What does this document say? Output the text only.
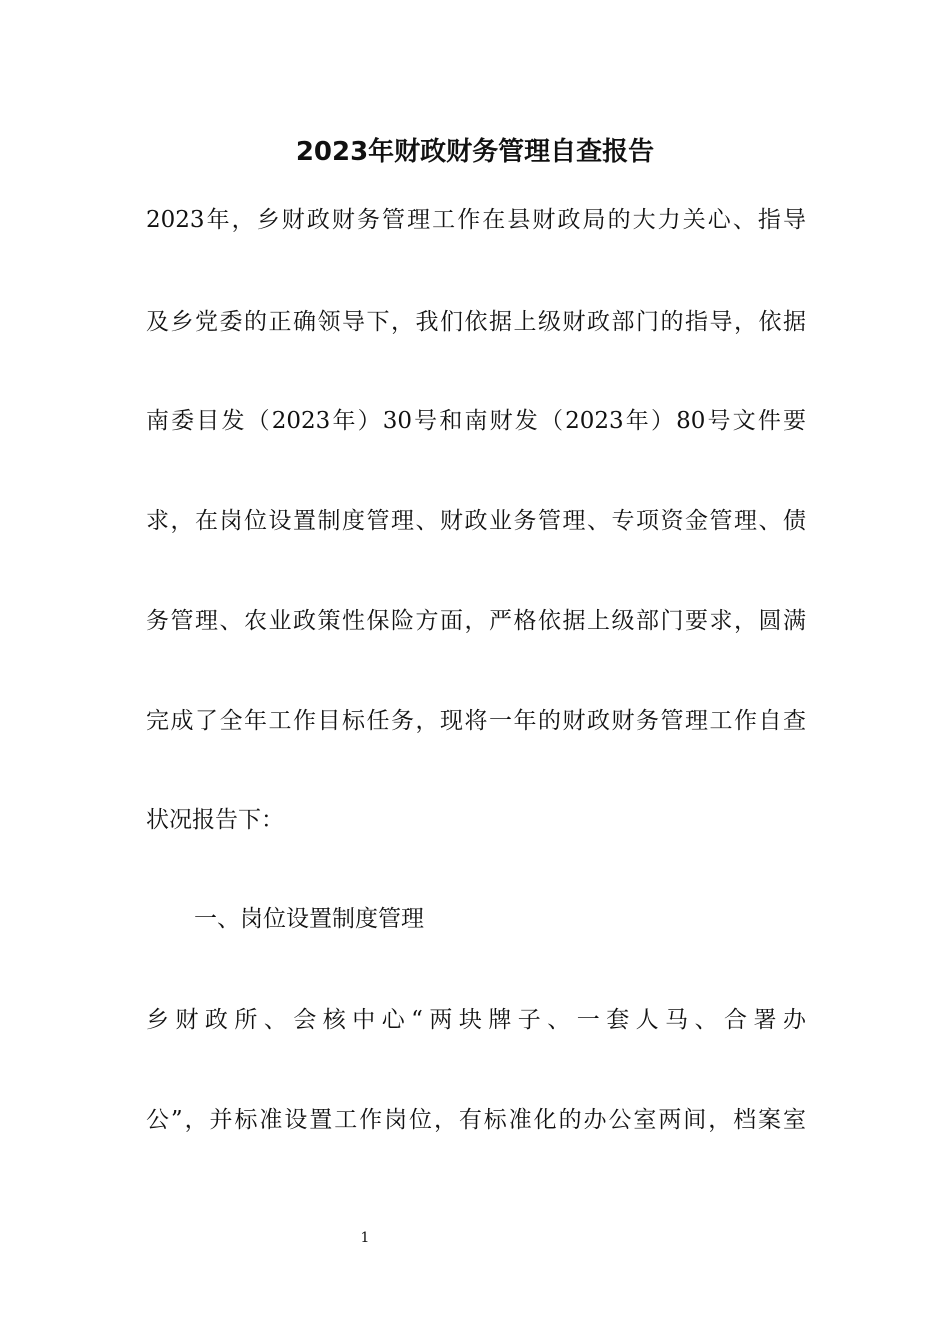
2023年财政财务管理自查报告
2023年，乡财政财务管理工作在县财政局的大力关心、指导
及乡党委的正确领导下，我们依据上级财政部门的指导，依据
南委目发（2023年）30号和南财发（2023年）80号文件要
求，在岗位设置制度管理、财政业务管理、专项资金管理、债
务管理、农业政策性保险方面，严格依据上级部门要求，圆满
完成了全年工作目标任务，现将一年的财政财务管理工作自查
状况报告下：
一、岗位设置制度管理
乡财政所、会核中心“两块牌子、一套人马、合署办
公”，并标准设置工作岗位，有标准化的办公室两间，档案室
1
